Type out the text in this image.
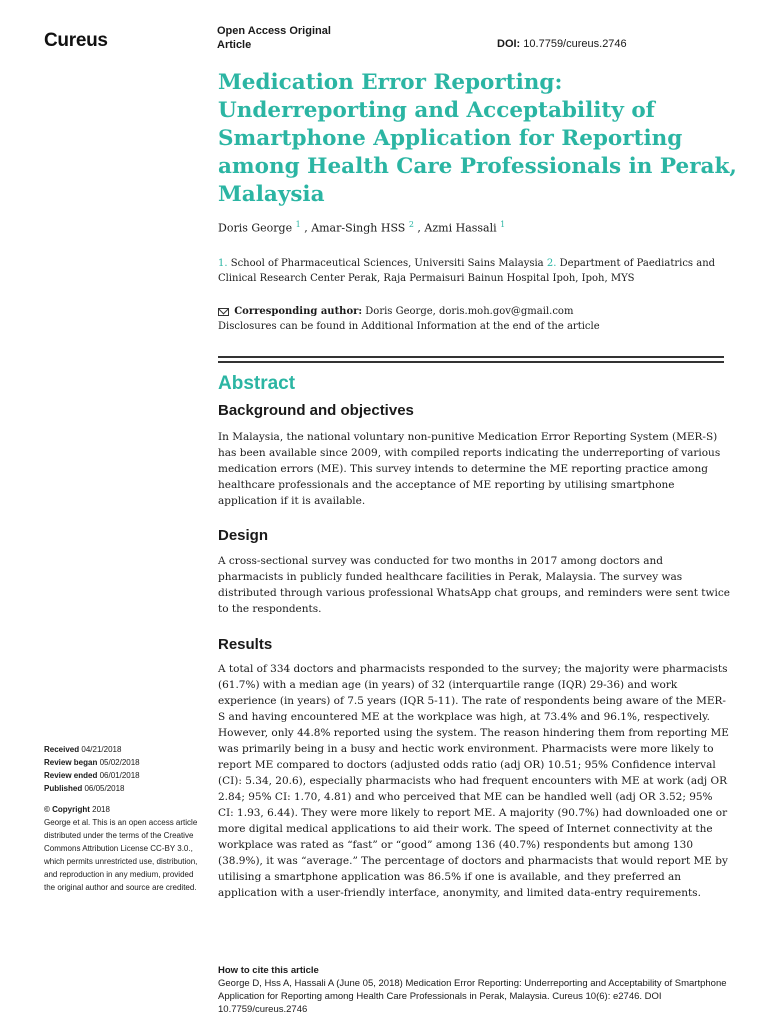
Cureus	Open Access Original
Article	DOI: 10.7759/cureus.2746
Medication Error Reporting: Underreporting and Acceptability of Smartphone Application for Reporting among Health Care Professionals in Perak, Malaysia
Doris George $^1$ , Amar-Singh HSS $^2$ , Azmi Hassali $^1$
1. School of Pharmaceutical Sciences, Universiti Sains Malaysia 2. Department of Paediatrics and Clinical Research Center Perak, Raja Permaisuri Bainun Hospital Ipoh, Ipoh, MYS
Corresponding author: Doris George, doris.moh.gov@gmail.com
Disclosures can be found in Additional Information at the end of the article
Abstract
Background and objectives

In Malaysia, the national voluntary non-punitive Medication Error Reporting System (MER-S) has been available since 2009, with compiled reports indicating the underreporting of various medication errors (ME). This survey intends to determine the ME reporting practice among healthcare professionals and the acceptance of ME reporting by utilising smartphone application if it is available.

Design

A cross-sectional survey was conducted for two months in 2017 among doctors and pharmacists in publicly funded healthcare facilities in Perak, Malaysia. The survey was distributed through various professional WhatsApp chat groups, and reminders were sent twice to the respondents.

Results

A total of 334 doctors and pharmacists responded to the survey; the majority were pharmacists (61.7%) with a median age (in years) of 32 (interquartile range (IQR) 29-36) and work experience (in years) of 7.5 years (IQR 5-11). The rate of respondents being aware of the MER-S and having encountered ME at the workplace was high, at 73.4% and 96.1%, respectively. However, only 44.8% reported using the system. The reason hindering them from reporting ME was primarily being in a busy and hectic work environment. Pharmacists were more likely to report ME compared to doctors (adjusted odds ratio (adj OR) 10.51; 95% Confidence interval (CI): 5.34, 20.6), especially pharmacists who had frequent encounters with ME at work (adj OR 2.84; 95% CI: 1.70, 4.81) and who perceived that ME can be handled well (adj OR 3.52; 95% CI: 1.93, 6.44). They were more likely to report ME. A majority (90.7%) had downloaded one or more digital medical applications to aid their work. The speed of Internet connectivity at the workplace was rated as “fast” or “good” among 136 (40.7%) respondents but among 130 (38.9%), it was “average.” The percentage of doctors and pharmacists that would report ME by utilising a smartphone application was 86.5% if one is available, and they preferred an application with a user-friendly interface, anonymity, and limited data-entry requirements.

Received 04/21/2018
Review began 05/02/2018
Review ended 06/01/2018
Published 06/05/2018
© Copyright 2018
George et al. This is an open access article distributed under the terms of the Creative Commons Attribution License CC-BY 3.0., which permits unrestricted use, distribution, and reproduction in any medium, provided the original author and source are credited.
How to cite this article
George D, Hss A, Hassali A (June 05, 2018) Medication Error Reporting: Underreporting and Acceptability of Smartphone Application for Reporting among Health Care Professionals in Perak, Malaysia. Cureus 10(6): e2746. DOI 10.7759/cureus.2746
